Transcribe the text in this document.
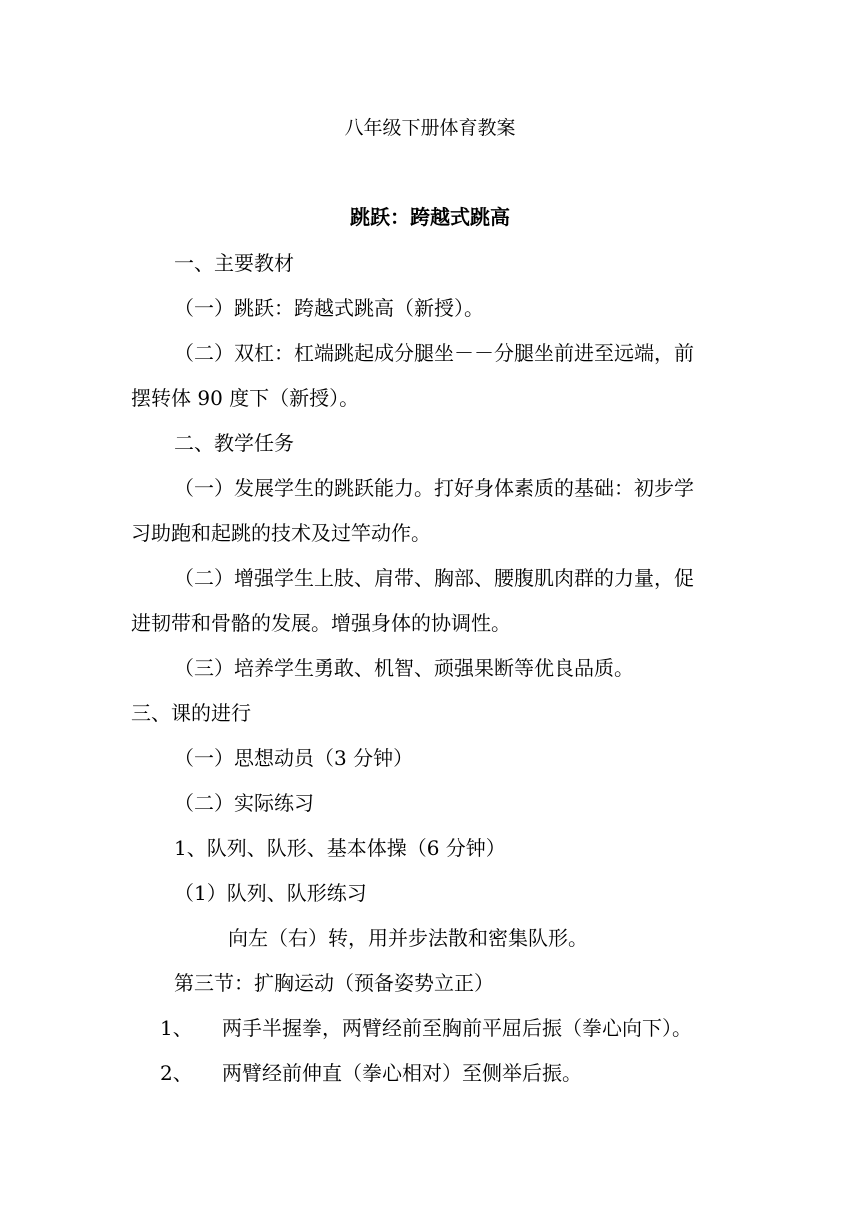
八年级下册体育教案
跳跃：跨越式跳高
一、主要教材
（一）跳跃：跨越式跳高（新授）。
（二）双杠：杠端跳起成分腿坐－－分腿坐前进至远端，前
摆转体 90 度下（新授）。
二、教学任务
（一）发展学生的跳跃能力。打好身体素质的基础：初步学
习助跑和起跳的技术及过竿动作。
（二）增强学生上肢、肩带、胸部、腰腹肌肉群的力量，促
进韧带和骨骼的发展。增强身体的协调性。
（三）培养学生勇敢、机智、顽强果断等优良品质。
三、课的进行
（一）思想动员（3 分钟）
（二）实际练习
1、队列、队形、基本体操（6 分钟）
（1）队列、队形练习
向左（右）转，用并步法散和密集队形。
第三节：扩胸运动（预备姿势立正）
1、 两手半握拳，两臂经前至胸前平屈后振（拳心向下）。
2、 两臂经前伸直（拳心相对）至侧举后振。
